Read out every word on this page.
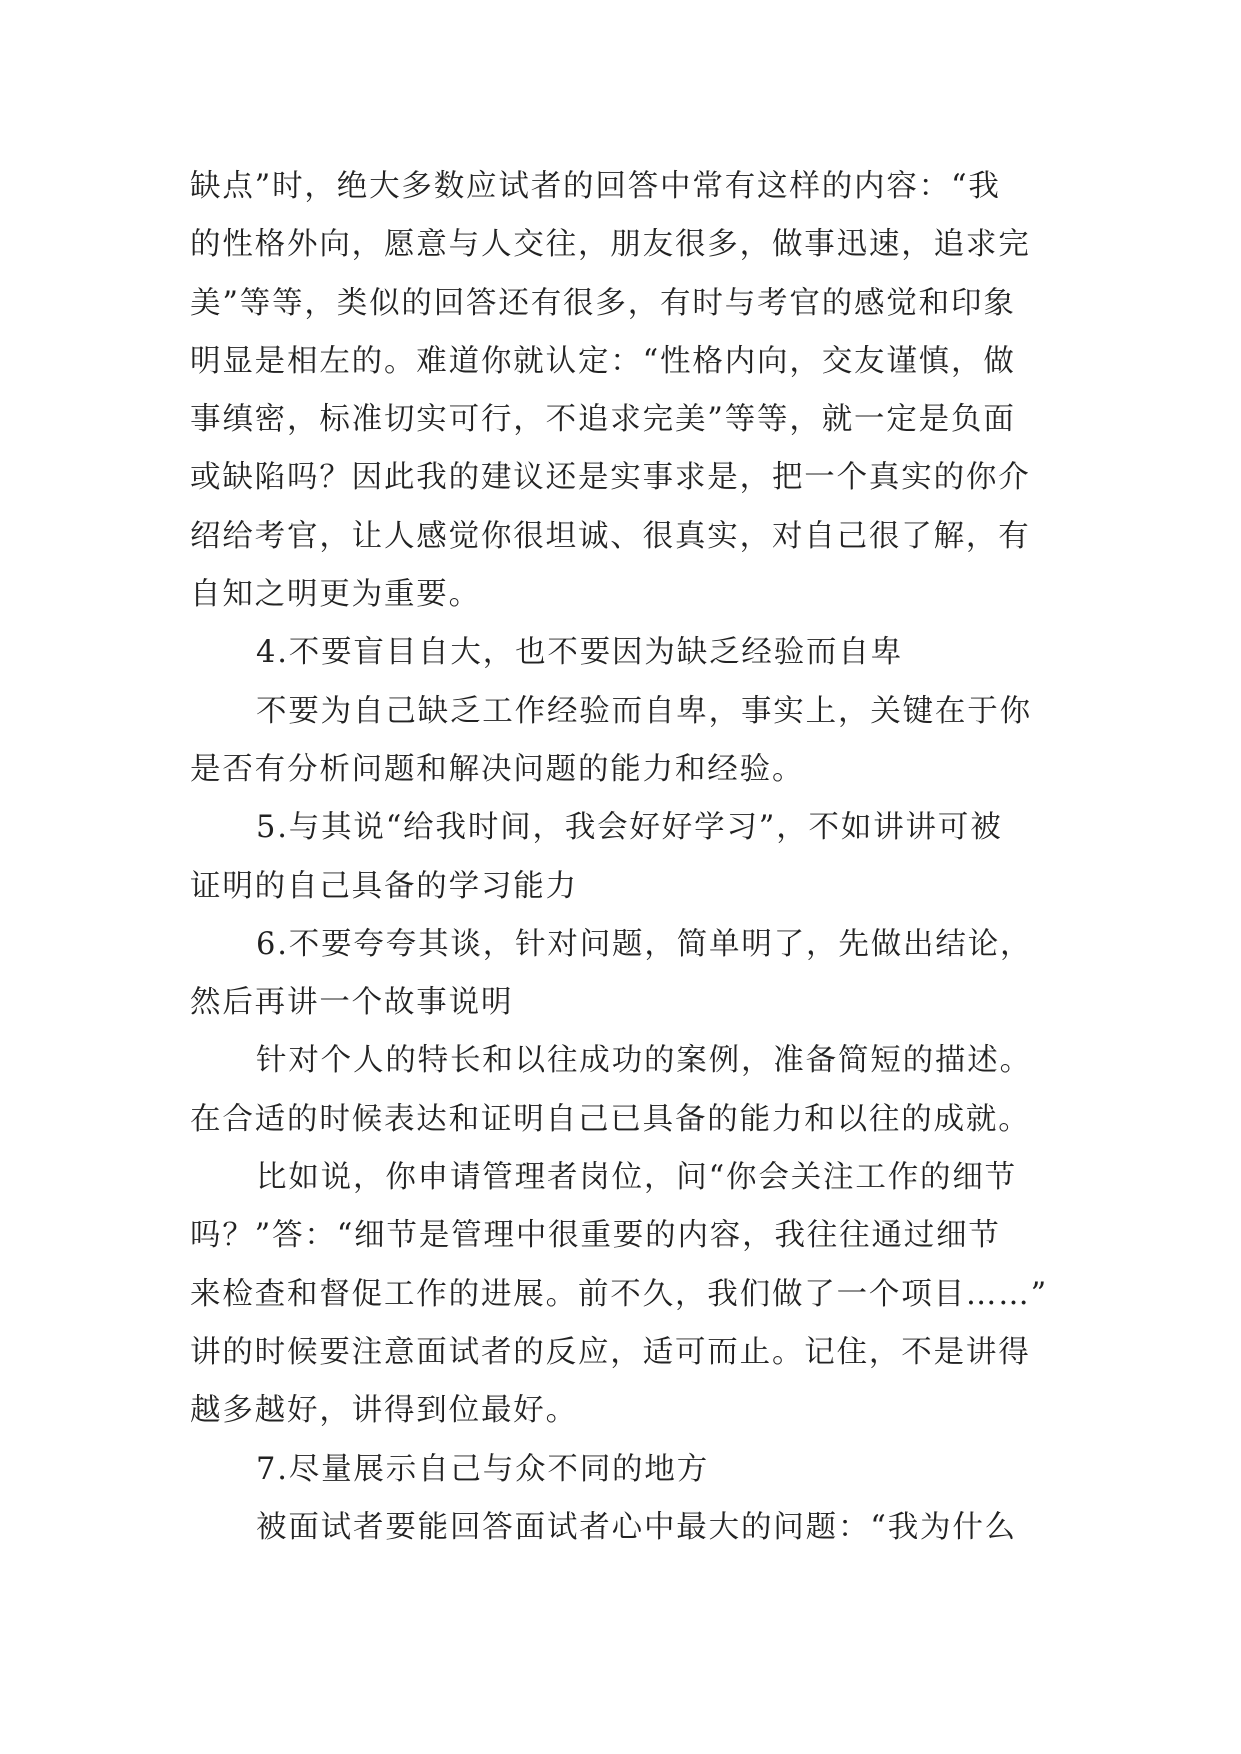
缺点”时，绝大多数应试者的回答中常有这样的内容：“我
的性格外向，愿意与人交往，朋友很多，做事迅速，追求完
美”等等，类似的回答还有很多，有时与考官的感觉和印象
明显是相左的。难道你就认定：“性格内向，交友谨慎，做
事缜密，标准切实可行，不追求完美”等等，就一定是负面
或缺陷吗？因此我的建议还是实事求是，把一个真实的你介
绍给考官，让人感觉你很坦诚、很真实，对自己很了解，有
自知之明更为重要。
4.不要盲目自大，也不要因为缺乏经验而自卑
不要为自己缺乏工作经验而自卑，事实上，关键在于你
是否有分析问题和解决问题的能力和经验。
5.与其说“给我时间，我会好好学习”，不如讲讲可被
证明的自己具备的学习能力
6.不要夸夸其谈，针对问题，简单明了，先做出结论，
然后再讲一个故事说明
针对个人的特长和以往成功的案例，准备简短的描述。
在合适的时候表达和证明自己已具备的能力和以往的成就。
比如说，你申请管理者岗位，问“你会关注工作的细节
吗？”答：“细节是管理中很重要的内容，我往往通过细节
来检查和督促工作的进展。前不久，我们做了一个项目……”
讲的时候要注意面试者的反应，适可而止。记住，不是讲得
越多越好，讲得到位最好。
7.尽量展示自己与众不同的地方
被面试者要能回答面试者心中最大的问题：“我为什么
